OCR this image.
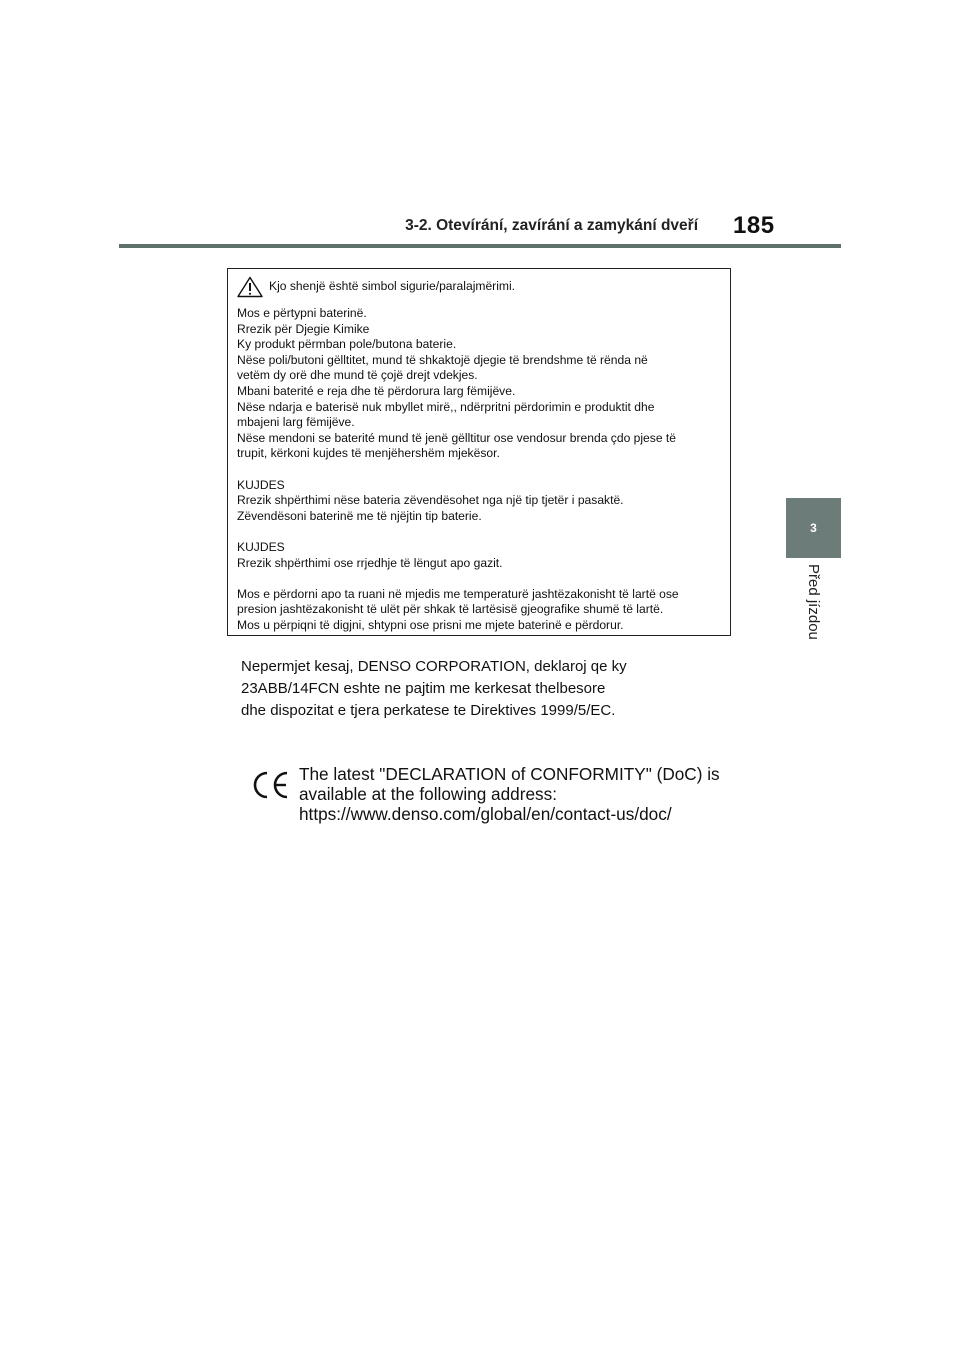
3-2. Otevírání, zavírání a zamykání dveří 185
3
Před jízdou

Kjo shenjë është simbol sigurie/paralajmërimi.

Mos e përtypni baterinë.

Rrezik për Djegie Kimike

Ky produkt përmban pole/butona baterie.

Nëse poli/butoni gëlltitet, mund të shkaktojë djegie të brendshme të rënda në

vetëm dy orë dhe mund të çojë drejt vdekjes.

Mbani baterité e reja dhe të përdorura larg fëmijëve.

Nëse ndarja e baterisë nuk mbyllet mirë,, ndërpritni përdorimin e produktit dhe

mbajeni larg fëmijëve.

Nëse mendoni se baterité mund të jenë gëlltitur ose vendosur brenda çdo pjese të

trupit, kërkoni kujdes të menjëhershëm mjekësor.

KUJDES

Rrezik shpërthimi nëse bateria zëvendësohet nga një tip tjetër i pasaktë.

Zëvendësoni baterinë me të njëjtin tip baterie.

KUJDES

Rrezik shpërthimi ose rrjedhje të lëngut apo gazit.

Mos e përdorni apo ta ruani në mjedis me temperaturë jashtëzakonisht të lartë ose

presion jashtëzakonisht të ulët për shkak të lartësisë gjeografike shumë të lartë.

Mos u përpiqni të digjni, shtypni ose prisni me mjete baterinë e përdorur.

Nepermjet kesaj, DENSO CORPORATION, deklaroj qe ky

23ABB/14FCN eshte ne pajtim me kerkesat thelbesore

dhe dispozitat e tjera perkatese te Direktives 1999/5/EC.

The latest "DECLARATION of CONFORMITY" (DoC) is

available at the following address:

https://www.denso.com/global/en/contact-us/doc/
